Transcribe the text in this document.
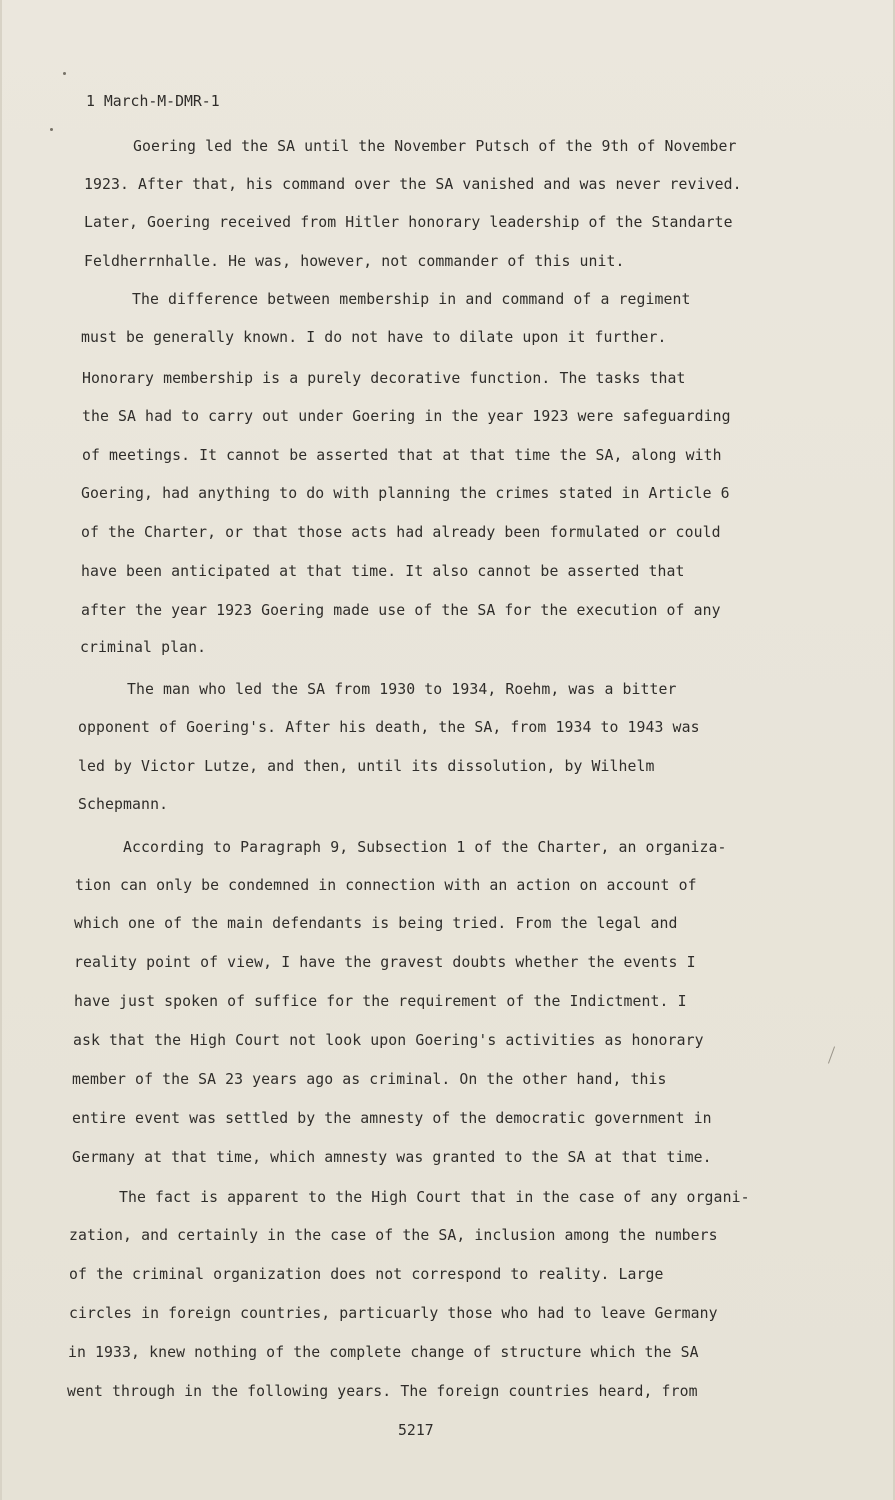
1 March-M-DMR-1
Goering led the SA until the November Putsch of the 9th of November
1923. After that, his command over the SA vanished and was never revived.
Later, Goering received from Hitler honorary leadership of the Standarte
Feldherrnhalle. He was, however, not commander of this unit.
The difference between membership in and command of a regiment
must be generally known. I do not have to dilate upon it further.
Honorary membership is a purely decorative function. The tasks that
the SA had to carry out under Goering in the year 1923 were safeguarding
of meetings. It cannot be asserted that at that time the SA, along with
Goering, had anything to do with planning the crimes stated in Article 6
of the Charter, or that those acts had already been formulated or could
have been anticipated at that time. It also cannot be asserted that
after the year 1923 Goering made use of the SA for the execution of any
criminal plan.
The man who led the SA from 1930 to 1934, Roehm, was a bitter
opponent of Goering's. After his death, the SA, from 1934 to 1943 was
led by Victor Lutze, and then, until its dissolution, by Wilhelm
Schepmann.
According to Paragraph 9, Subsection 1 of the Charter, an organiza-
tion can only be condemned in connection with an action on account of
which one of the main defendants is being tried. From the legal and
reality point of view, I have the gravest doubts whether the events I
have just spoken of suffice for the requirement of the Indictment. I
ask that the High Court not look upon Goering's activities as honorary
member of the SA 23 years ago as criminal. On the other hand, this
entire event was settled by the amnesty of the democratic government in
Germany at that time, which amnesty was granted to the SA at that time.
The fact is apparent to the High Court that in the case of any organi-
zation, and certainly in the case of the SA, inclusion among the numbers
of the criminal organization does not correspond to reality. Large
circles in foreign countries, particuarly those who had to leave Germany
in 1933, knew nothing of the complete change of structure which the SA
went through in the following years. The foreign countries heard, from
5217
